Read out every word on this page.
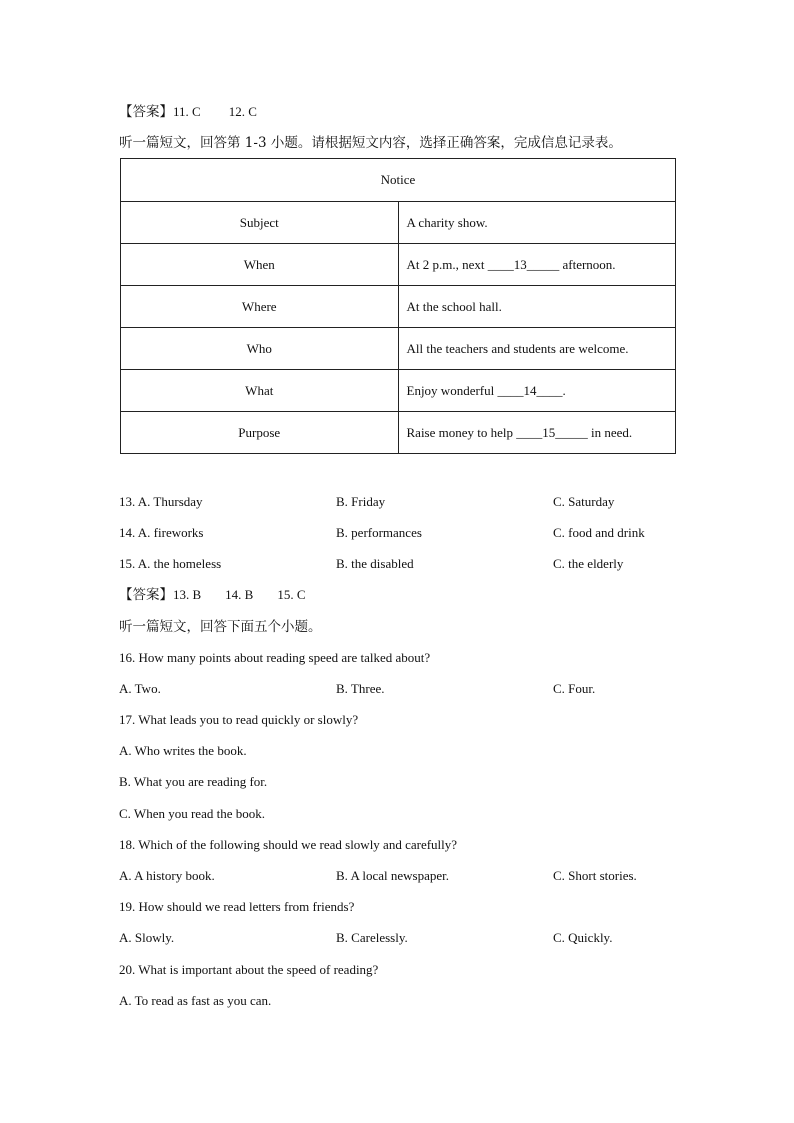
【答案】11. C 12. C
听一篇短文，回答第 1-3 小题。请根据短文内容，选择正确答案，完成信息记录表。
Notice	
Subject	A charity show.
When	At 2 p.m., next ____13_____ afternoon.
Where	At the school hall.
Who	All the teachers and students are welcome.
What	Enjoy wonderful ____14____.
Purpose	Raise money to help ____15_____ in need.
13. A. Thursday	B. Friday	C. Saturday
14. A. fireworks	B. performances	C. food and drink
15. A. the homeless	B. the disabled	C. the elderly
【答案】13. B 14. B 15. C
听一篇短文，回答下面五个小题。
16. How many points about reading speed are talked about?
A. Two.	B. Three.	C. Four.
17. What leads you to read quickly or slowly?
A. Who writes the book.
B. What you are reading for.
C. When you read the book.
18. Which of the following should we read slowly and carefully?
A. A history book.	B. A local newspaper.	C. Short stories.
19. How should we read letters from friends?
A. Slowly.	B. Carelessly.	C. Quickly.
20. What is important about the speed of reading?
A. To read as fast as you can.
